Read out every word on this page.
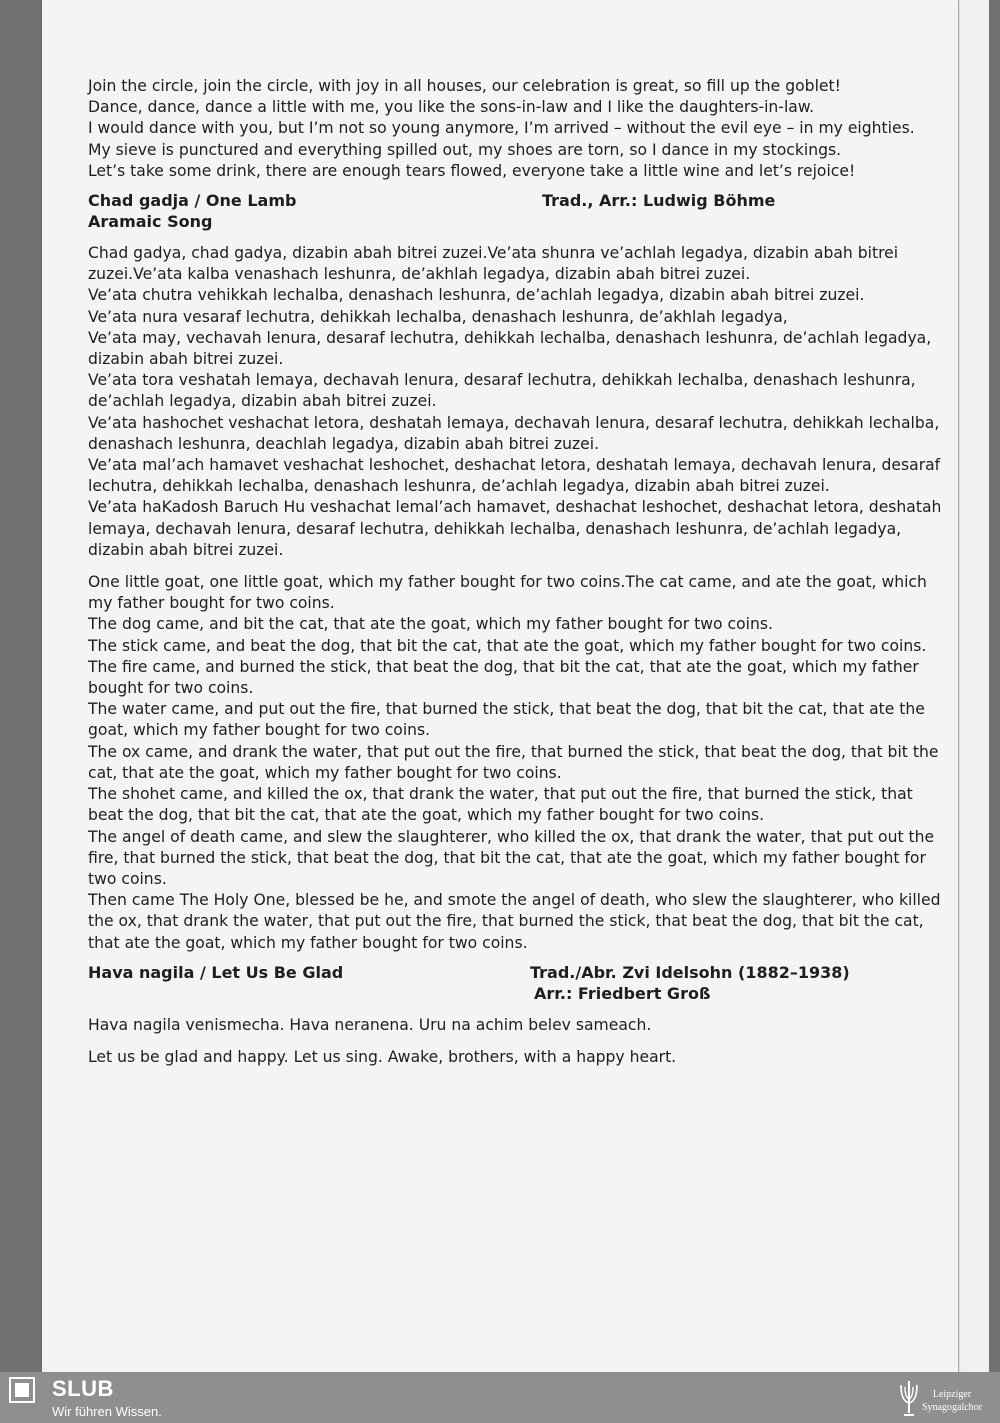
Join the circle, join the circle, with joy in all houses, our celebration is great, so fill up the goblet!

Dance, dance, dance a little with me, you like the sons-in-law and I like the daughters-in-law.

I would dance with you, but I’m not so young anymore, I’m arrived – without the evil eye – in my eighties.

My sieve is punctured and everything spilled out, my shoes are torn, so I dance in my stockings.

Let’s take some drink, there are enough tears flowed, everyone take a little wine and let’s rejoice!

Chad gadja / One Lamb
Aramaic Song
Trad., Arr.: Ludwig Böhme

Chad gadya, chad gadya, dizabin abah bitrei zuzei.Ve’ata shunra ve’achlah legadya, dizabin abah bitrei zuzei.Ve’ata kalba venashach leshunra, de’akhlah legadya, dizabin abah bitrei zuzei.

Ve’ata chutra vehikkah lechalba, denashach leshunra, de’achlah legadya, dizabin abah bitrei zuzei.

Ve’ata nura vesaraf lechutra, dehikkah lechalba, denashach leshunra, de’akhlah legadya,

Ve’ata may, vechavah lenura, desaraf lechutra, dehikkah lechalba, denashach leshunra, de’achlah legadya, dizabin abah bitrei zuzei.

Ve’ata tora veshatah lemaya, dechavah lenura, desaraf lechutra, dehikkah lechalba, denashach leshunra, de’achlah legadya, dizabin abah bitrei zuzei.

Ve’ata hashochet veshachat letora, deshatah lemaya, dechavah lenura, desaraf lechutra, dehikkah lechalba, denashach leshunra, deachlah legadya, dizabin abah bitrei zuzei.

Ve’ata mal’ach hamavet veshachat leshochet, deshachat letora, deshatah lemaya, dechavah lenura, desaraf lechutra, dehikkah lechalba, denashach leshunra, de’achlah legadya, dizabin abah bitrei zuzei.

Ve’ata haKadosh Baruch Hu veshachat lemal’ach hamavet, deshachat leshochet, deshachat letora, deshatah lemaya, dechavah lenura, desaraf lechutra, dehikkah lechalba, denashach leshunra, de’achlah legadya, dizabin abah bitrei zuzei.

One little goat, one little goat, which my father bought for two coins.The cat came, and ate the goat, which my father bought for two coins.

The dog came, and bit the cat, that ate the goat, which my father bought for two coins.

The stick came, and beat the dog, that bit the cat, that ate the goat, which my father bought for two coins.

The fire came, and burned the stick, that beat the dog, that bit the cat, that ate the goat, which my father bought for two coins.

The water came, and put out the fire, that burned the stick, that beat the dog, that bit the cat, that ate the goat, which my father bought for two coins.

The ox came, and drank the water, that put out the fire, that burned the stick, that beat the dog, that bit the cat, that ate the goat, which my father bought for two coins.

The shohet came, and killed the ox, that drank the water, that put out the fire, that burned the stick, that beat the dog, that bit the cat, that ate the goat, which my father bought for two coins.

The angel of death came, and slew the slaughterer, who killed the ox, that drank the water, that put out the fire, that burned the stick, that beat the dog, that bit the cat, that ate the goat, which my father bought for two coins.

Then came The Holy One, blessed be he, and smote the angel of death, who slew the slaughterer, who killed the ox, that drank the water, that put out the fire, that burned the stick, that beat the dog, that bit the cat, that ate the goat, which my father bought for two coins.

Hava nagila / Let Us Be Glad
	Trad./Abr. Zvi Idelsohn (1882–1938)
Arr.: Friedbert Groß

Hava nagila venismecha. Hava neranena. Uru na achim belev sameach.

Let us be glad and happy. Let us sing. Awake, brothers, with a happy heart.

SLUB
Wir führen Wissen.
Leipziger
Synagogalchor
